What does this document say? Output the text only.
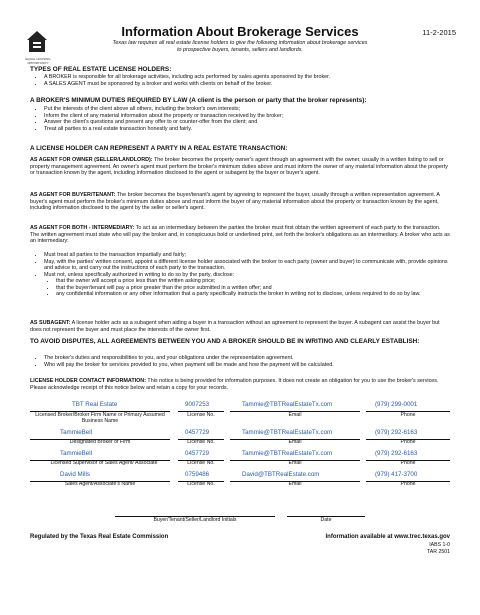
EQUAL HOUSING OPPORTUNITY
Information About Brokerage Services	11-2-2015
Texas law requires all real estate license holders to give the following information about brokerage services to prospective buyers, tenants, sellers and landlords.
TYPES OF REAL ESTATE LICENSE HOLDERS:
• A BROKER is responsible for all brokerage activities, including acts performed by sales agents sponsored by the broker.
• A SALES AGENT must be sponsored by a broker and works with clients on behalf of the broker.
A BROKER'S MINIMUM DUTIES REQUIRED BY LAW (A client is the person or party that the broker represents):
• Put the interests of the client above all others, including the broker's own interests;
• Inform the client of any material information about the property or transaction received by the broker;
• Answer the client's questions and present any offer to or counter-offer from the client; and
• Treat all parties to a real estate transaction honestly and fairly.
A LICENSE HOLDER CAN REPRESENT A PARTY IN A REAL ESTATE TRANSACTION:
AS AGENT FOR OWNER (SELLER/LANDLORD): The broker becomes the property owner's agent through an agreement with the owner, usually in a written listing to sell or property management agreement. An owner's agent must perform the broker's minimum duties above and must inform the owner of any material information about the property or transaction known by the agent, including information disclosed to the agent or subagent by the buyer or buyer's agent.
AS AGENT FOR BUYER/TENANT: The broker becomes the buyer/tenant's agent by agreeing to represent the buyer, usually through a written representation agreement. A buyer's agent must perform the broker's minimum duties above and must inform the buyer of any material information about the property or transaction known by the agent, including information disclosed to the agent by the seller or seller's agent.
AS AGENT FOR BOTH - INTERMEDIARY: To act as an intermediary between the parties the broker must first obtain the written agreement of each party to the transaction. The written agreement must state who will pay the broker and, in conspicuous bold or underlined print, set forth the broker's obligations as an intermediary. A broker who acts as an intermediary:
• Must treat all parties to the transaction impartially and fairly;
• May, with the parties' written consent, appoint a different license holder associated with the broker to each party (owner and buyer) to communicate with, provide opinions and advice to, and carry out the instructions of each party to the transaction.
• Must not, unless specifically authorized in writing to do so by the party, disclose:
• that the owner will accept a price less than the written asking price;
• that the buyer/tenant will pay a price greater than the price submitted in a written offer; and
• any confidential information or any other information that a party specifically instructs the broker in writing not to disclose, unless required to do so by law.
AS SUBAGENT: A license holder acts as a subagent when aiding a buyer in a transaction without an agreement to represent the buyer. A subagent can assist the buyer but does not represent the buyer and must place the interests of the owner first.
TO AVOID DISPUTES, ALL AGREEMENTS BETWEEN YOU AND A BROKER SHOULD BE IN WRITING AND CLEARLY ESTABLISH:
• The broker's duties and responsibilities to you, and your obligations under the representation agreement.
• Who will pay the broker for services provided to you, when payment will be made and how the payment will be calculated.
LICENSE HOLDER CONTACT INFORMATION: This notice is being provided for information purposes. It does not create an obligation for you to use the broker's services. Please acknowledge receipt of this notice below and retain a copy for your records.
TBT Real Estate	9007253	Tammie@TBTRealEstateTx.com	(979) 299-0001
Licensed Broker/Broker Firm Name or Primary Assumed Business Name
License No.	Email	Phone
TammieBell	0457729	Tammie@TBTRealEstateTx.com	(979) 292-6163
Designated Broker of Firm	License No.	Email	Phone
TammieBell	0457729	Tammie@TBTRealEstateTx.com	(979) 292-6163
Licensed Supervisor of Sales Agent/ Associate	License No.	Email	Phone
David Mills	0759486	David@TBTRealEstate.com	(979) 417-3700
Sales Agent/Associate's Name	License No.	Email	Phone
Buyer/Tenant/Seller/Landlord Initials	Date
Regulated by the Texas Real Estate Commission	Information available at www.trec.texas.gov
IABS 1-0
TAR 2501
